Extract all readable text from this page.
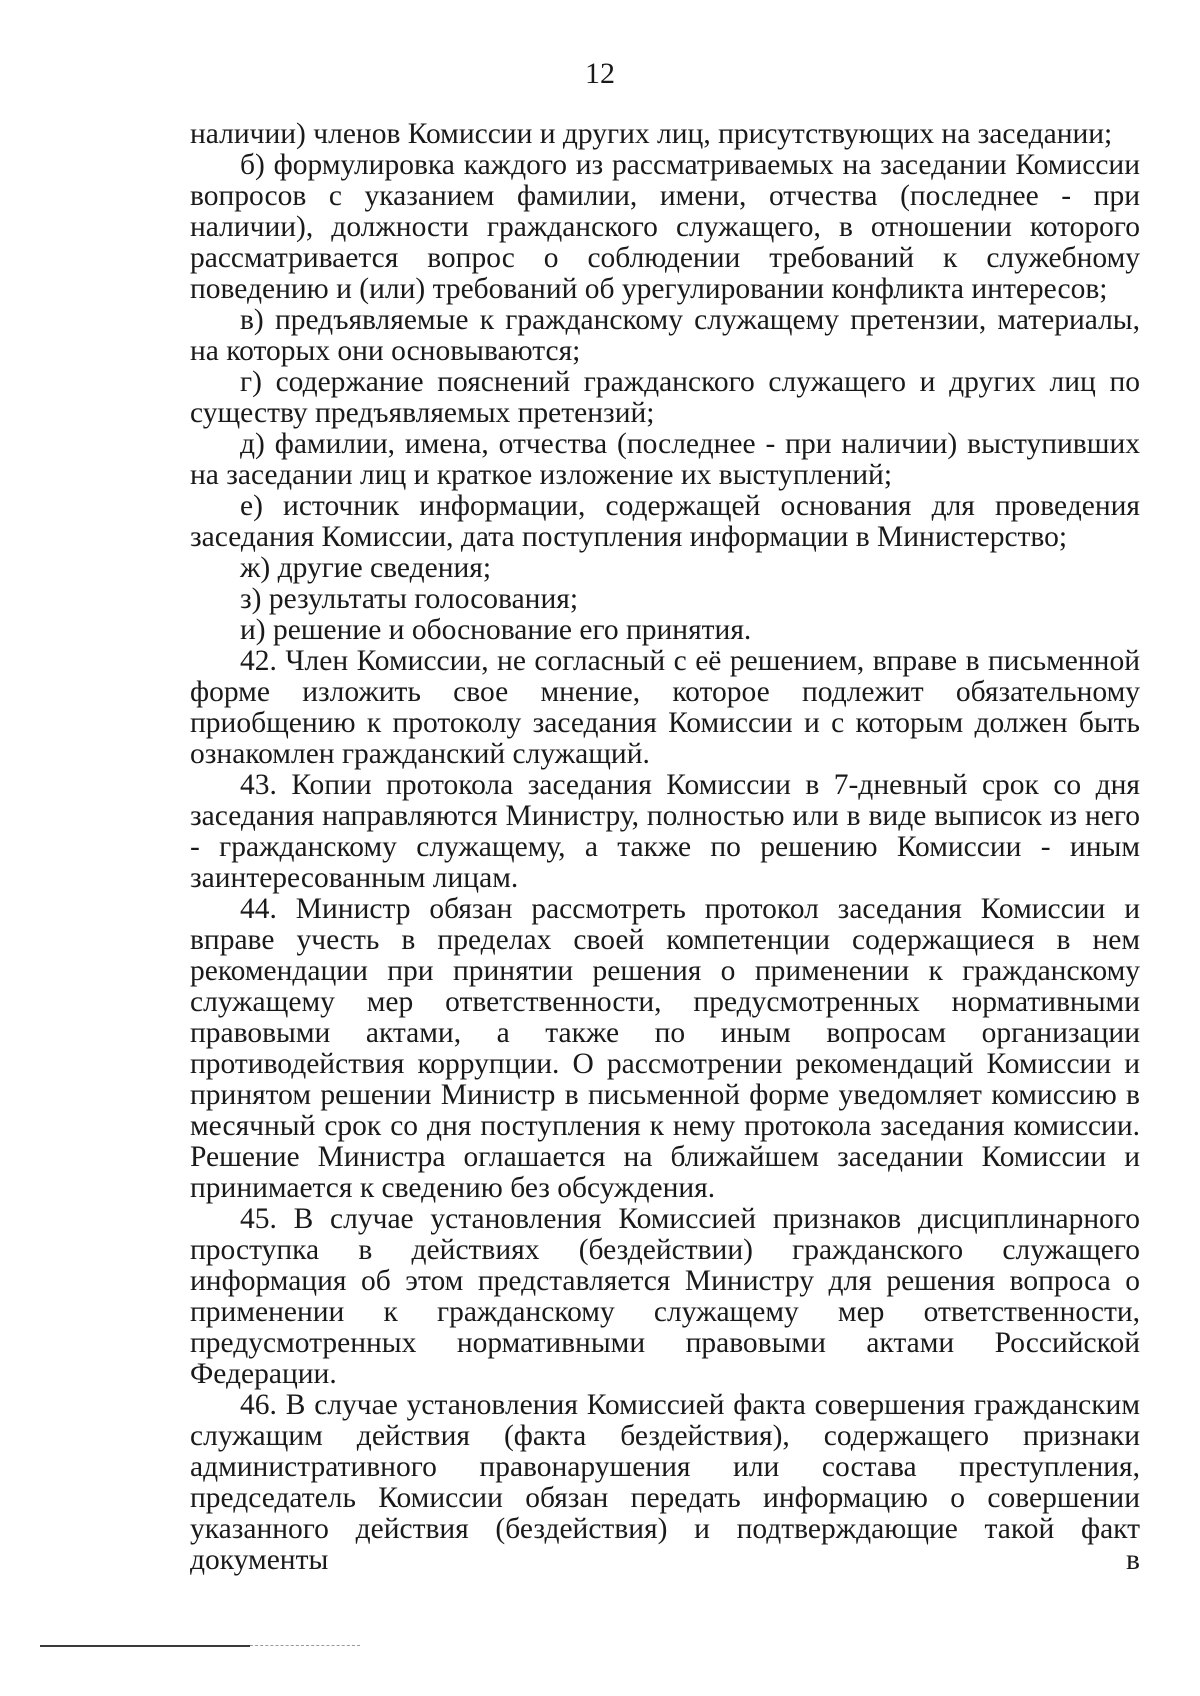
12

наличии) членов Комиссии и других лиц, присутствующих на заседании;

б) формулировка каждого из рассматриваемых на заседании Комиссии вопросов с указанием фамилии, имени, отчества (последнее - при наличии), должности гражданского служащего, в отношении которого рассматривается вопрос о соблюдении требований к служебному поведению и (или) требований об урегулировании конфликта интересов;

в) предъявляемые к гражданскому служащему претензии, материалы, на которых они основываются;

г) содержание пояснений гражданского служащего и других лиц по существу предъявляемых претензий;

д) фамилии, имена, отчества (последнее - при наличии) выступивших на заседании лиц и краткое изложение их выступлений;

е) источник информации, содержащей основания для проведения заседания Комиссии, дата поступления информации в Министерство;

ж) другие сведения;

з) результаты голосования;

и) решение и обоснование его принятия.

42. Член Комиссии, не согласный с её решением, вправе в письменной форме изложить свое мнение, которое подлежит обязательному приобщению к протоколу заседания Комиссии и с которым должен быть ознакомлен гражданский служащий.

43. Копии протокола заседания Комиссии в 7-дневный срок со дня заседания направляются Министру, полностью или в виде выписок из него - гражданскому служащему, а также по решению Комиссии - иным заинтересованным лицам.

44. Министр обязан рассмотреть протокол заседания Комиссии и вправе учесть в пределах своей компетенции содержащиеся в нем рекомендации при принятии решения о применении к гражданскому служащему мер ответственности, предусмотренных нормативными правовыми актами, а также по иным вопросам организации противодействия коррупции. О рассмотрении рекомендаций Комиссии и принятом решении Министр в письменной форме уведомляет комиссию в месячный срок со дня поступления к нему протокола заседания комиссии. Решение Министра оглашается на ближайшем заседании Комиссии и принимается к сведению без обсуждения.

45. В случае установления Комиссией признаков дисциплинарного проступка в действиях (бездействии) гражданского служащего информация об этом представляется Министру для решения вопроса о применении к гражданскому служащему мер ответственности, предусмотренных нормативными правовыми актами Российской Федерации.

46. В случае установления Комиссией факта совершения гражданским служащим действия (факта бездействия), содержащего признаки административного правонарушения или состава преступления, председатель Комиссии обязан передать информацию о совершении указанного действия (бездействия) и подтверждающие такой факт документы в
